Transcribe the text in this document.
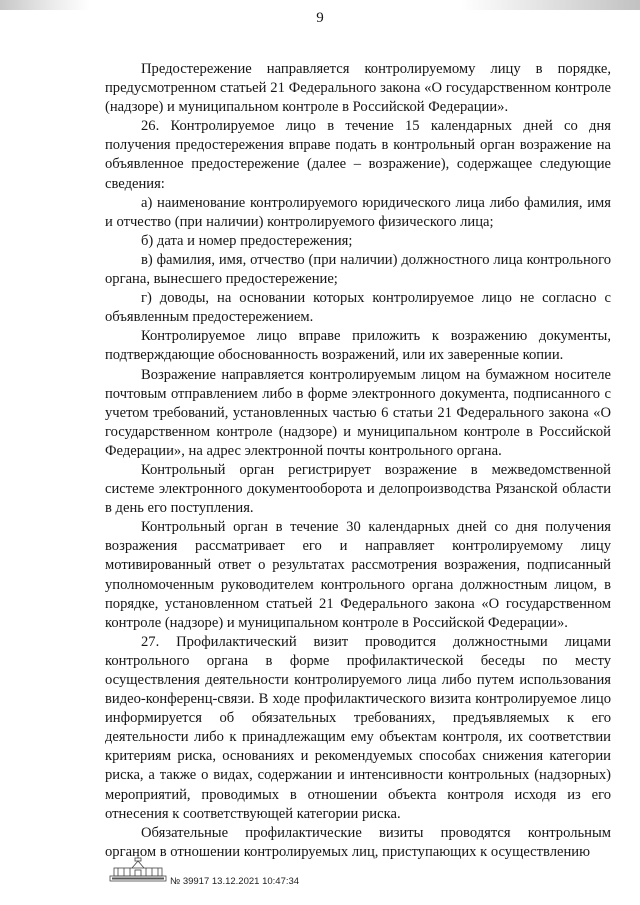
9

Предостережение направляется контролируемому лицу в порядке, предусмотренном статьей 21 Федерального закона «О государственном контроле (надзоре) и муниципальном контроле в Российской Федерации».

26. Контролируемое лицо в течение 15 календарных дней со дня получения предостережения вправе подать в контрольный орган возражение на объявленное предостережение (далее – возражение), содержащее следующие сведения:

а) наименование контролируемого юридического лица либо фамилия, имя и отчество (при наличии) контролируемого физического лица;

б) дата и номер предостережения;

в) фамилия, имя, отчество (при наличии) должностного лица контрольного органа, вынесшего предостережение;

г) доводы, на основании которых контролируемое лицо не согласно с объявленным предостережением.

Контролируемое лицо вправе приложить к возражению документы, подтверждающие обоснованность возражений, или их заверенные копии.

Возражение направляется контролируемым лицом на бумажном носителе почтовым отправлением либо в форме электронного документа, подписанного с учетом требований, установленных частью 6 статьи 21 Федерального закона «О государственном контроле (надзоре) и муниципальном контроле в Российской Федерации», на адрес электронной почты контрольного органа.

Контрольный орган регистрирует возражение в межведомственной системе электронного документооборота и делопроизводства Рязанской области в день его поступления.

Контрольный орган в течение 30 календарных дней со дня получения возражения рассматривает его и направляет контролируемому лицу мотивированный ответ о результатах рассмотрения возражения, подписанный уполномоченным руководителем контрольного органа должностным лицом, в порядке, установленном статьей 21 Федерального закона «О государственном контроле (надзоре) и муниципальном контроле в Российской Федерации».

27. Профилактический визит проводится должностными лицами контрольного органа в форме профилактической беседы по месту осуществления деятельности контролируемого лица либо путем использования видео-конференц-связи. В ходе профилактического визита контролируемое лицо информируется об обязательных требованиях, предъявляемых к его деятельности либо к принадлежащим ему объектам контроля, их соответствии критериям риска, основаниях и рекомендуемых способах снижения категории риска, а также о видах, содержании и интенсивности контрольных (надзорных) мероприятий, проводимых в отношении объекта контроля исходя из его отнесения к соответствующей категории риска.

Обязательные профилактические визиты проводятся контрольным органом в отношении контролируемых лиц, приступающих к осуществлению

№ 39917 13.12.2021 10:47:34
